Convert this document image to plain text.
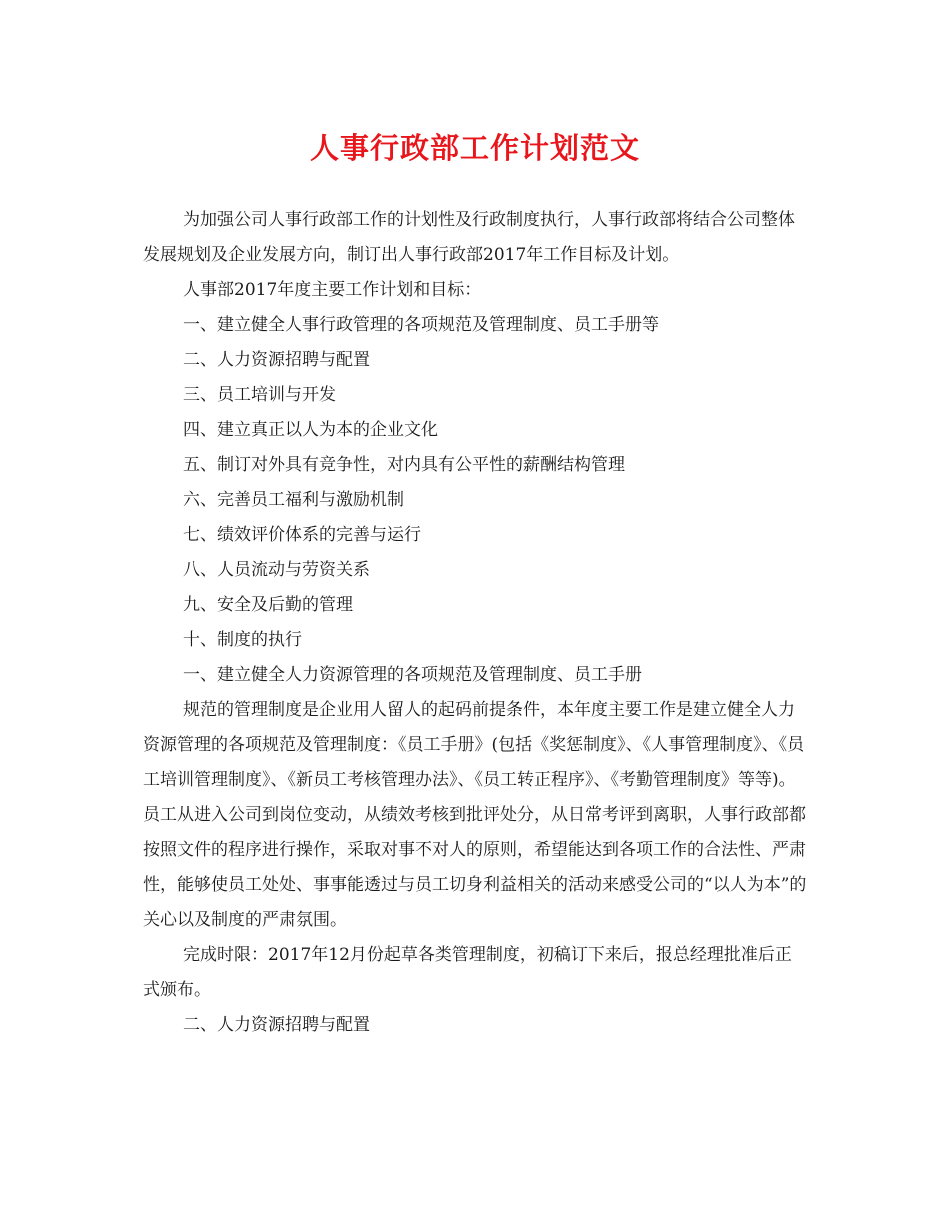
人事行政部工作计划范文

为加强公司人事行政部工作的计划性及行政制度执行，人事行政部将结合公司整体发展规划及企业发展方向，制订出人事行政部2017年工作目标及计划。

人事部2017年度主要工作计划和目标：

一、建立健全人事行政管理的各项规范及管理制度、员工手册等

二、人力资源招聘与配置

三、员工培训与开发

四、建立真正以人为本的企业文化

五、制订对外具有竞争性，对内具有公平性的薪酬结构管理

六、完善员工福利与激励机制

七、绩效评价体系的完善与运行

八、人员流动与劳资关系

九、安全及后勤的管理

十、制度的执行

一、建立健全人力资源管理的各项规范及管理制度、员工手册

规范的管理制度是企业用人留人的起码前提条件，本年度主要工作是建立健全人力资源管理的各项规范及管理制度：《员工手册》(包括《奖惩制度》、《人事管理制度》、《员工培训管理制度》、《新员工考核管理办法》、《员工转正程序》、《考勤管理制度》等等)。员工从进入公司到岗位变动，从绩效考核到批评处分，从日常考评到离职，人事行政部都按照文件的程序进行操作，采取对事不对人的原则，希望能达到各项工作的合法性、严肃性，能够使员工处处、事事能透过与员工切身利益相关的活动来感受公司的“以人为本”的关心以及制度的严肃氛围。

完成时限：2017年12月份起草各类管理制度，初稿订下来后，报总经理批准后正式颁布。

二、人力资源招聘与配置
